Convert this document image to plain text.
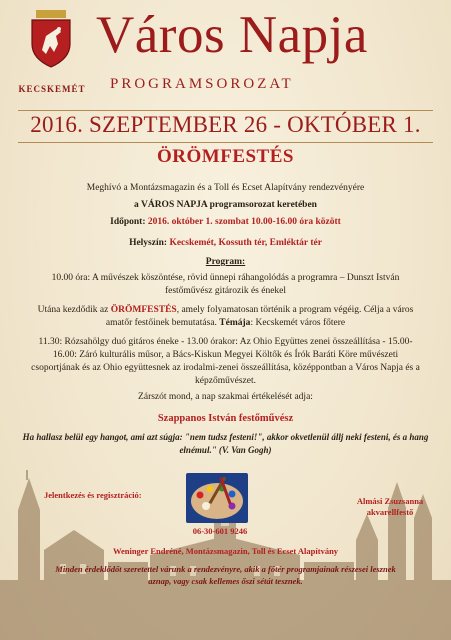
KECSKEMÉT
Város Napja
PROGRAMSOROZAT
2016. SZEPTEMBER 26 - OKTÓBER 1.
ÖRÖMFESTÉS
Meghívó a Montázsmagazin és a Toll és Ecset Alapítvány rendezvényére
a VÁROS NAPJA programsorozat keretében
Időpont: 2016. október 1. szombat 10.00-16.00 óra között
Helyszín: Kecskemét, Kossuth tér, Emléktár tér
Program:
10.00 óra: A művészek köszöntése, rövid ünnepi ráhangolódás a programra – Dunszt István festőművész gitározik és énekel
Utána kezdődik az ÖRÖMFESTÉS, amely folyamatosan történik a program végéig. Célja a város amatőr festőinek bemutatása. Témája: Kecskemét város főtere
11.30: Rózsahölgy duó gitáros éneke - 13.00 órakor: Az Ohio Együttes zenei összeállítása - 15.00-16.00: Záró kulturális műsor, a Bács-Kiskun Megyei Költők és Írók Baráti Köre művészeti csoportjának és az Ohio együttesnek az irodalmi-zenei összeállítása, középpontban a Város Napja és a képzőművészet.
Zárszót mond, a nap szakmai értékelését adja:
Szappanos István festőművész
Ha hallasz belül egy hangot, ami azt súgja: "nem tudsz festeni!", akkor okvetlenül állj neki festeni, és a hang elnémul." (V. Van Gogh)
Jelentkezés és regisztráció:
06-30-601 9246
Almási Zsuzsanna
akvarellfestő
Weninger Endréné, Montázsmagazin, Toll és Ecset Alapítvány
Minden érdeklődőt szeretettel várunk a rendezvényre, akik a főtér programjainak részesei lesznek aznap, vagy csak kellemes őszi sétát tesznek.
